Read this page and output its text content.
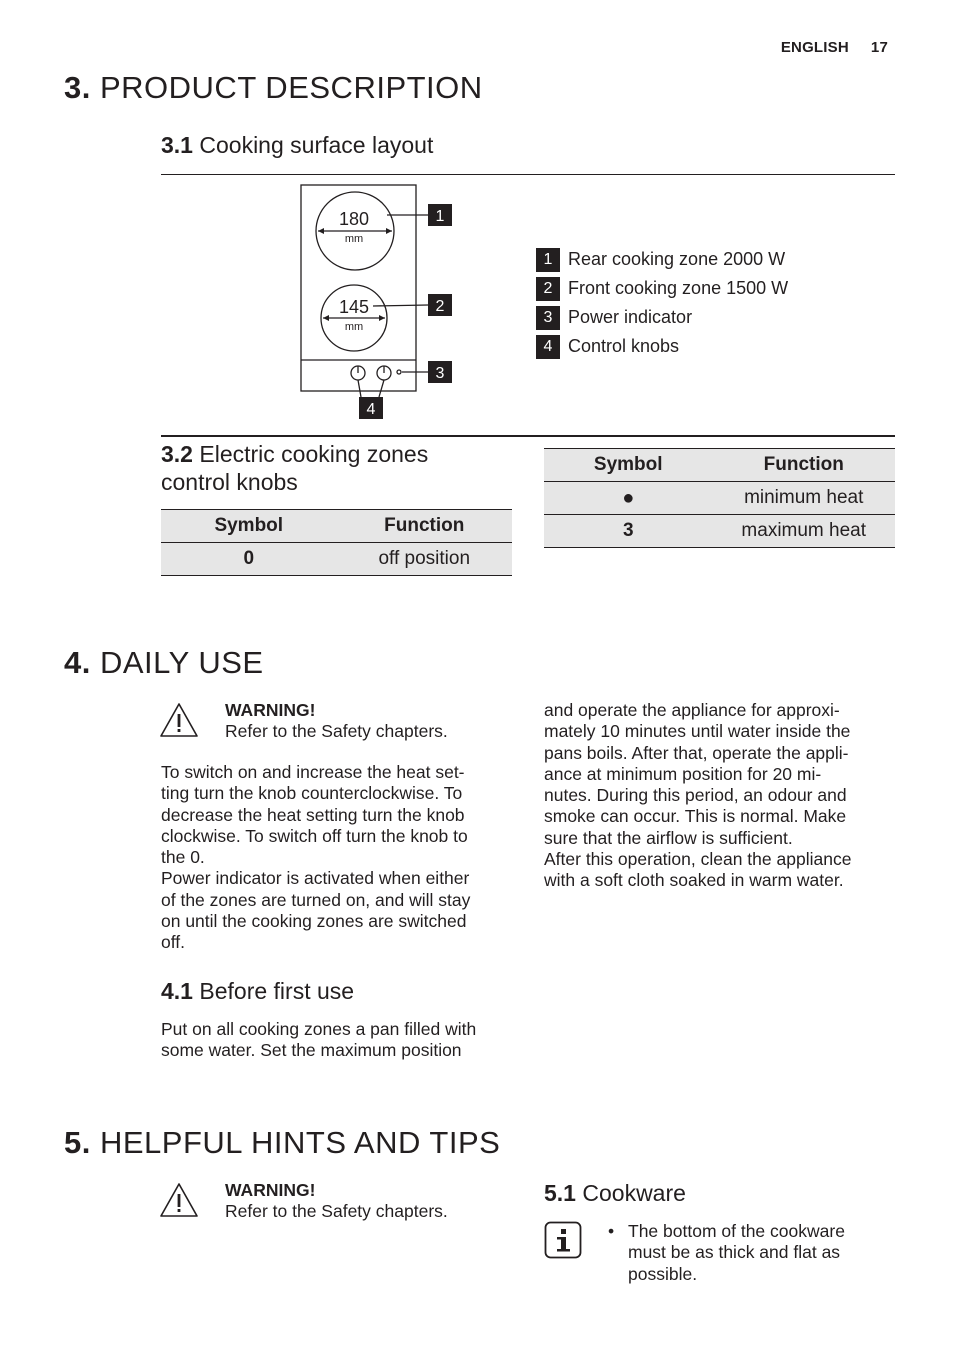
ENGLISH 17
3. PRODUCT DESCRIPTION
3.1 Cooking surface layout
180
mm
145
mm
1
2
3
4
1 Rear cooking zone 2000 W
2 Front cooking zone 1500 W
3 Power indicator
4 Control knobs
3.2 Electric cooking zones
control knobs
Symbol	Function
0	off position
Symbol	Function
●	minimum heat
3	maximum heat
4. DAILY USE
WARNING!
Refer to the Safety chapters.

To switch on and increase the heat set-

ting turn the knob counterclockwise. To

decrease the heat setting turn the knob

clockwise. To switch off turn the knob to

the 0.

Power indicator is activated when either

of the zones are turned on, and will stay

on until the cooking zones are switched

off.

4.1 Before first use

Put on all cooking zones a pan filled with

some water. Set the maximum position

and operate the appliance for approxi-

mately 10 minutes until water inside the

pans boils. After that, operate the appli-

ance at minimum position for 20 mi-

nutes. During this period, an odour and

smoke can occur. This is normal. Make

sure that the airflow is sufficient.

After this operation, clean the appliance

with a soft cloth soaked in warm water.

5. HELPFUL HINTS AND TIPS
WARNING!
Refer to the Safety chapters.
5.1 Cookware
• The bottom of the cookware
must be as thick and flat as
possible.
